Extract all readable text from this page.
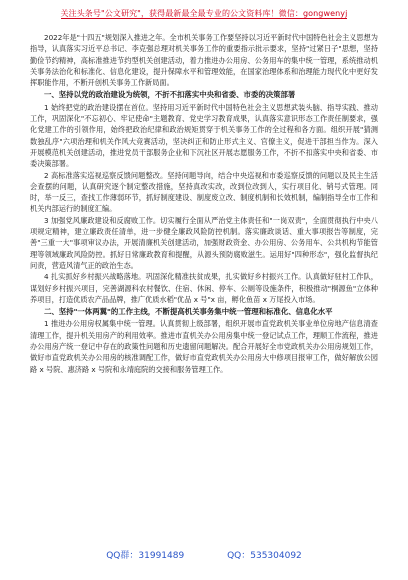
关注头条号"公文研究"，获得最新最全最专业的公文资料库！微信：gongwenyj

2022年是"十四五"规划深入推进之年。全市机关事务工作要坚持以习近平新时代中国特色社会主义思想为指导，认真落实习近平总书记、李克强总理对机关事务工作的重要指示批示要求，坚持"过紧日子"思想，坚持勤俭节约精神，高标准推进节约型机关创建活动，着力推进办公用房、公务用车的集中统一管理，系统推动机关事务法治化和标准化、信息化建设，提升保障水平和管理效能，在国家治理体系和治理能力现代化中更好发挥职能作用，不断开创机关事务工作新局面。

一、坚持以党的政治建设为统领，不折不扣落实中央和省委、市委的决策部署

1 始终把党的政治建设摆在首位。坚持用习近平新时代中国特色社会主义思想武装头脑、指导实践、推动工作，巩固深化"不忘初心、牢记使命"主题教育、党史学习教育成果，认真落实意识形态工作责任制要求，强化党建工作的引领作用，始终把政治纪律和政治规矩贯穿于机关事务工作的全过程和各方面。组织开展"猜测数独乱序"六项治理和机关作风大竞赛活动，坚决纠正和防止形式主义、官僚主义，促进干部担当作为。深入开展模范机关创建活动，推进党员干部服务企业和下沉社区开展志愿服务工作，不折不扣落实中央和省委、市委决策部署。

2 高标准落实巡视巡察反馈问题整改。坚持问题导向，结合中央巡视和市委巡察反馈的问题以及民主生活会查摆的问题，认真研究逐个制定整改措施，坚持真改实改，改到位改到人，实行项目化、销号式管理。同时，举一反三，查找工作薄弱环节，抓好制度建设、制度废立改、制度机制和长效机制，编制指导全市工作和机关内部运行的制度汇编。

3 加强党风廉政建设和反腐败工作。切实履行全面从严治党主体责任和"一岗双责"，全面贯彻执行中央八项规定精神，建立廉政责任清单，进一步健全廉政风险防控机制。落实廉政谈话、重大事项报告等制度，完善"三重一大"事项审议办法，开展清廉机关创建活动，加强财政资金、办公用房、公务用车、公共机构节能管理等领域廉政风险防控。抓好日常廉政教育和提醒，从源头预防腐败滋生。运用好"四种形态"，强化监督执纪问责，营造风清气正的政治生态。

4 扎实抓好乡村振兴战略落地。巩固深化精准扶贫成果，扎实做好乡村振兴工作。认真做好驻村工作队，谋划好乡村振兴项目，完善湖源科农村餐饮、住宿、休闲、停车、公厕等设施条件，积极推动"桐源鱼"立体种养项目，打造优质农产品品牌，推广优质水稻"优品 x 号"x 亩，孵化鱼苗 x 万尾投入市场。

二、坚持"一体两翼"的工作主线，不断提高机关事务集中统一管理和标准化、信息化水平

1 推进办公用房权属集中统一管理。认真贯彻上级部署，组织开展市直党政机关事业单位房地产信息清查清理工作，提升机关用房产的利用效率。推进市直机关办公用房集中统一登记试点工作，理顺工作流程，推进办公用房产统一登记中存在的政策性问题和历史遗留问题解决。配合开展好全市党政机关办公用房规划工作，做好市直党政机关办公用房的核准调配工作，做好市直党政机关办公用房大中修项目报审工作，做好解放公园路 x 号院、惠济路 x 号院和永靖庭院的交接和服务管理工作。

QQ群：31991489	QQ：535304092
